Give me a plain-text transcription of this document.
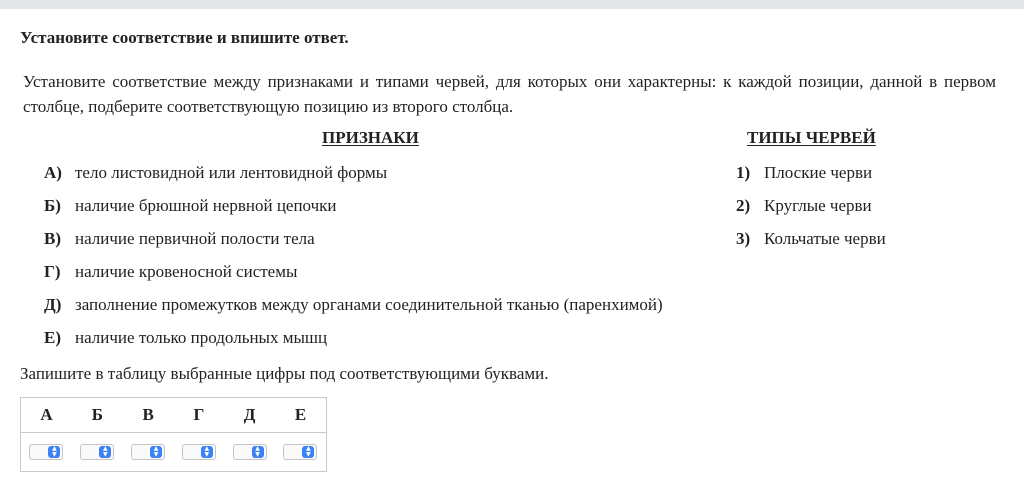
Установите соответствие и впишите ответ.
Установите соответствие между признаками и типами червей, для которых они характерны: к каждой позиции, данной в первом столбце, подберите соответствующую позицию из второго столбца.
ПРИЗНАКИ	ТИПЫ ЧЕРВЕЙ
А) тело листовидной или лентовидной формы
Б) наличие брюшной нервной цепочки
В) наличие первичной полости тела
Г) наличие кровеносной системы
Д) заполнение промежутков между органами соединительной тканью (паренхимой)
Е) наличие только продольных мышц
1) Плоские черви
2) Круглые черви
3) Кольчатые черви
Запишите в таблицу выбранные цифры под соответствующими буквами.
А	Б	В	Г	Д	Е

▲
▼	▲
▼	▲
▼	▲
▼	▲
▼	▲
▼
